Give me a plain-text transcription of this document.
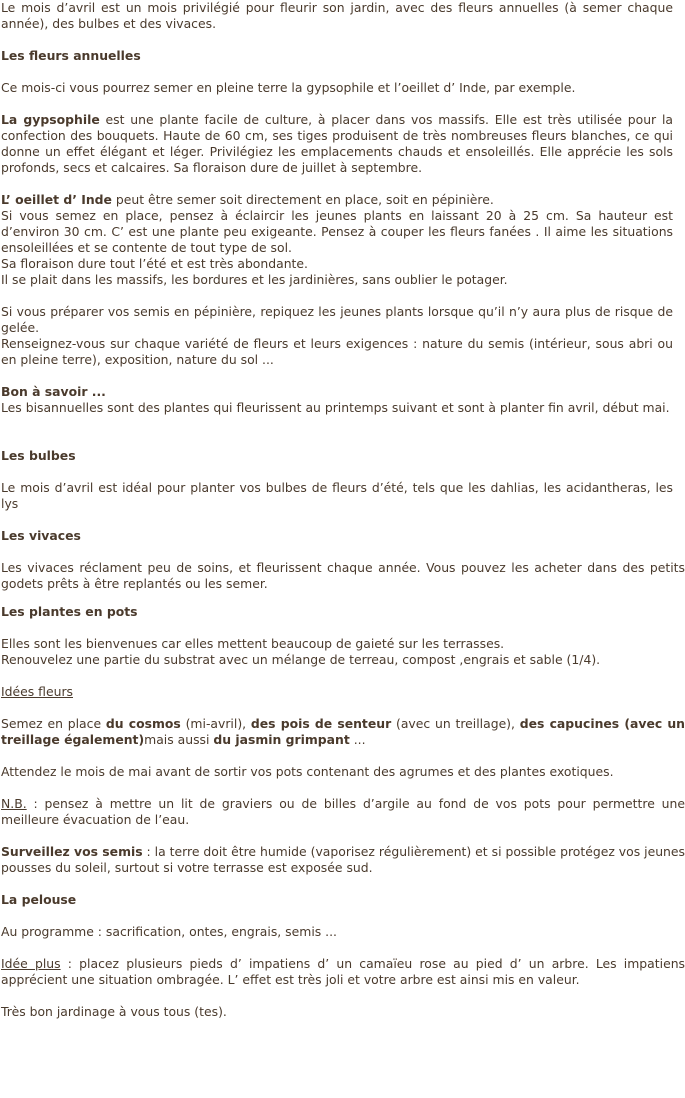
Le mois d’avril est un mois privilégié pour fleurir son jardin, avec des fleurs annuelles (à semer chaque année), des bulbes et des vivaces.

Les fleurs annuelles

Ce mois-ci vous pourrez semer en pleine terre la gypsophile et l’oeillet d’ Inde, par exemple.

La gypsophile est une plante facile de culture, à placer dans vos massifs. Elle est très utilisée pour la confection des bouquets. Haute de 60 cm, ses tiges produisent de très nombreuses fleurs blanches, ce qui donne un effet élégant et léger. Privilégiez les emplacements chauds et ensoleillés. Elle apprécie les sols profonds, secs et calcaires. Sa floraison dure de juillet à septembre.

L’ oeillet d’ Inde peut être semer soit directement en place, soit en pépinière.
Si vous semez en place, pensez à éclaircir les jeunes plants en laissant 20 à 25 cm. Sa hauteur est d’environ 30 cm. C’ est une plante peu exigeante. Pensez à couper les fleurs fanées . Il aime les situations ensoleillées et se contente de tout type de sol.
Sa floraison dure tout l’été et est très abondante.
Il se plait dans les massifs, les bordures et les jardinières, sans oublier le potager.
Si vous préparer vos semis en pépinière, repiquez les jeunes plants lorsque qu’il n’y aura plus de risque de gelée.
Renseignez-vous sur chaque variété de fleurs et leurs exigences : nature du semis (intérieur, sous abri ou en pleine terre), exposition, nature du sol ...
Bon à savoir ...
Les bisannuelles sont des plantes qui fleurissent au printemps suivant et sont à planter fin avril, début mai.

Les bulbes

Le mois d’avril est idéal pour planter vos bulbes de fleurs d’été, tels que les dahlias, les acidantheras, les lys

Les vivaces

Les vivaces réclament peu de soins, et fleurissent chaque année. Vous pouvez les acheter dans des petits godets prêts à être replantés ou les semer.

Les plantes en pots

Elles sont les bienvenues car elles mettent beaucoup de gaieté sur les terrasses.
Renouvelez une partie du substrat avec un mélange de terreau, compost ,engrais et sable (1/4).

Idées fleurs

Semez en place du cosmos (mi-avril), des pois de senteur (avec un treillage), des capucines (avec un treillage également)mais aussi du jasmin grimpant ...

Attendez le mois de mai avant de sortir vos pots contenant des agrumes et des plantes exotiques.

N.B. : pensez à mettre un lit de graviers ou de billes d’argile au fond de vos pots pour permettre une meilleure évacuation de l’eau.

Surveillez vos semis : la terre doit être humide (vaporisez régulièrement) et si possible protégez vos jeunes pousses du soleil, surtout si votre terrasse est exposée sud.

La pelouse

Au programme : sacrification, ontes, engrais, semis ...

Idée plus : placez plusieurs pieds d’ impatiens d’ un camaïeu rose au pied d’ un arbre. Les impatiens apprécient une situation ombragée. L’ effet est très joli et votre arbre est ainsi mis en valeur.

Très bon jardinage à vous tous (tes).
